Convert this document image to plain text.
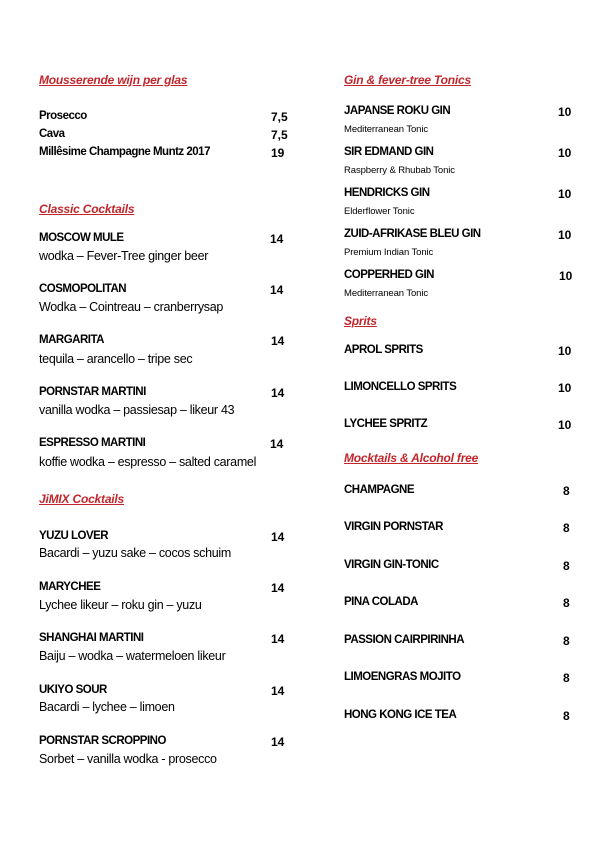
Mousserende wijn per glas
Prosecco	7,5
Cava	7,5
Millêsime Champagne Muntz 2017	19
Classic Cocktails
MOSCOW MULE	14
wodka – Fever-Tree ginger beer
COSMOPOLITAN	14
Wodka – Cointreau – cranberrysap
MARGARITA	14
tequila – arancello – tripe sec
PORNSTAR MARTINI	14
vanilla wodka – passiesap – likeur 43
ESPRESSO MARTINI	14
koffie wodka – espresso – salted caramel
JiMIX Cocktails
YUZU LOVER	14
Bacardi – yuzu sake – cocos schuim
MARYCHEE	14
Lychee likeur – roku gin – yuzu
SHANGHAI MARTINI	14
Baiju – wodka – watermeloen likeur
UKIYO SOUR	14
Bacardi – lychee – limoen
PORNSTAR SCROPPINO	14
Sorbet – vanilla wodka - prosecco
Gin & fever-tree Tonics
JAPANSE ROKU GIN	10
Mediterranean Tonic
SIR EDMAND GIN	10
Raspberry & Rhubab Tonic
HENDRICKS GIN	10
Elderflower Tonic
ZUID-AFRIKASE BLEU GIN	10
Premium Indian Tonic
COPPERHED GIN	10
Mediterranean Tonic
Sprits
APROL SPRITS	10
LIMONCELLO SPRITS	10
LYCHEE SPRITZ	10
Mocktails & Alcohol free
CHAMPAGNE	8
VIRGIN PORNSTAR	8
VIRGIN GIN-TONIC	8
PINA COLADA	8
PASSION CAIRPIRINHA	8
LIMOENGRAS MOJITO	8
HONG KONG ICE TEA	8
